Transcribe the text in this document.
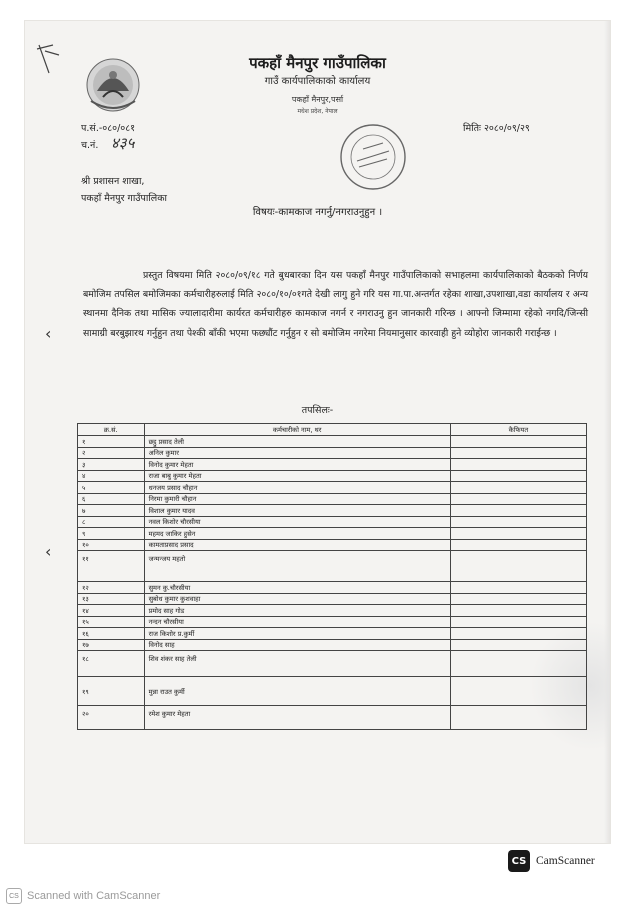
पकहाँ मैनपुर गाउँपालिका
गाउँ कार्यपालिकाको कार्यालय
पकहाँ मैनपुर,पर्सा
मधेश प्रदेश, नेपाल
प.सं.-०८०/०८१
च.नं. ४३५
मितिः २०८०/०९/२९
श्री प्रशासन शाखा,
पकहाँ मैनपुर गाउँपालिका
विषयः-कामकाज नगर्नु/नगराउनुहुन ।
प्रस्तुत विषयमा मिति २०८०/०९/१८ गते बुधबारका दिन यस पकहाँ मैनपुर गाउँपालिकाको सभाहलमा कार्यपालिकाको बैठकको निर्णय बमोजिम तपसिल बमोजिमका कर्मचारीहरुलाई मिति २०८०/१०/०१गते देखी लागु हुने गरि यस गा.पा.अन्तर्गत रहेका शाखा,उपशाखा,वडा कार्यालय र अन्य स्थानमा दैनिक तथा मासिक ज्यालादारीमा कार्यरत कर्मचारीहरु कामकाज नगर्न र नगराउनु हुन जानकारी गरिन्छ । आफ्नो जिम्मामा रहेको नगदि/जिन्सी सामाग्री बरबुझारथ गर्नुहुन तथा पेश्की बाँकी भएमा फछ्यौंट गर्नुहुन र सो बमोजिम नगरेमा नियमानुसार कारवाही हुने व्योहोरा जानकारी गराईन्छ ।
‹
‹
तपसिलः-
क्र.सं.	कर्मचारीको नाम, थर	कैफियत
१	छट्ठु प्रसाद तेली	
२	अनिल कुमार	
३	विनोद कुमार मेहता	
४	राजा बाबु कुमार मेहता	
५	धनजय प्रसाद चौहान	
६	निरमा कुमारी चौहान	
७	विशाल कुमार यादव	
८	नवल किशोर चौरसीया	
९	महमद जाकिर हुसेन	
१०	कामताप्रसाद प्रसाद	
११	जन्मन्जय महतो	
१२	सुमन कु.चौरसीया	
१३	सुबोध कुमार कुशवाहा	
१४	प्रमोद साह गोड	
१५	नन्दन चौरसीया	
१६	राज किशोर प्र.कुर्मी	
१७	विनोद साह	
१८	शिव शंकर साह तेली	
१९	मुन्ना राउत कुर्मी	
२०	रमेश कुमार मेहता	
CS CamScanner
CS Scanned with CamScanner
